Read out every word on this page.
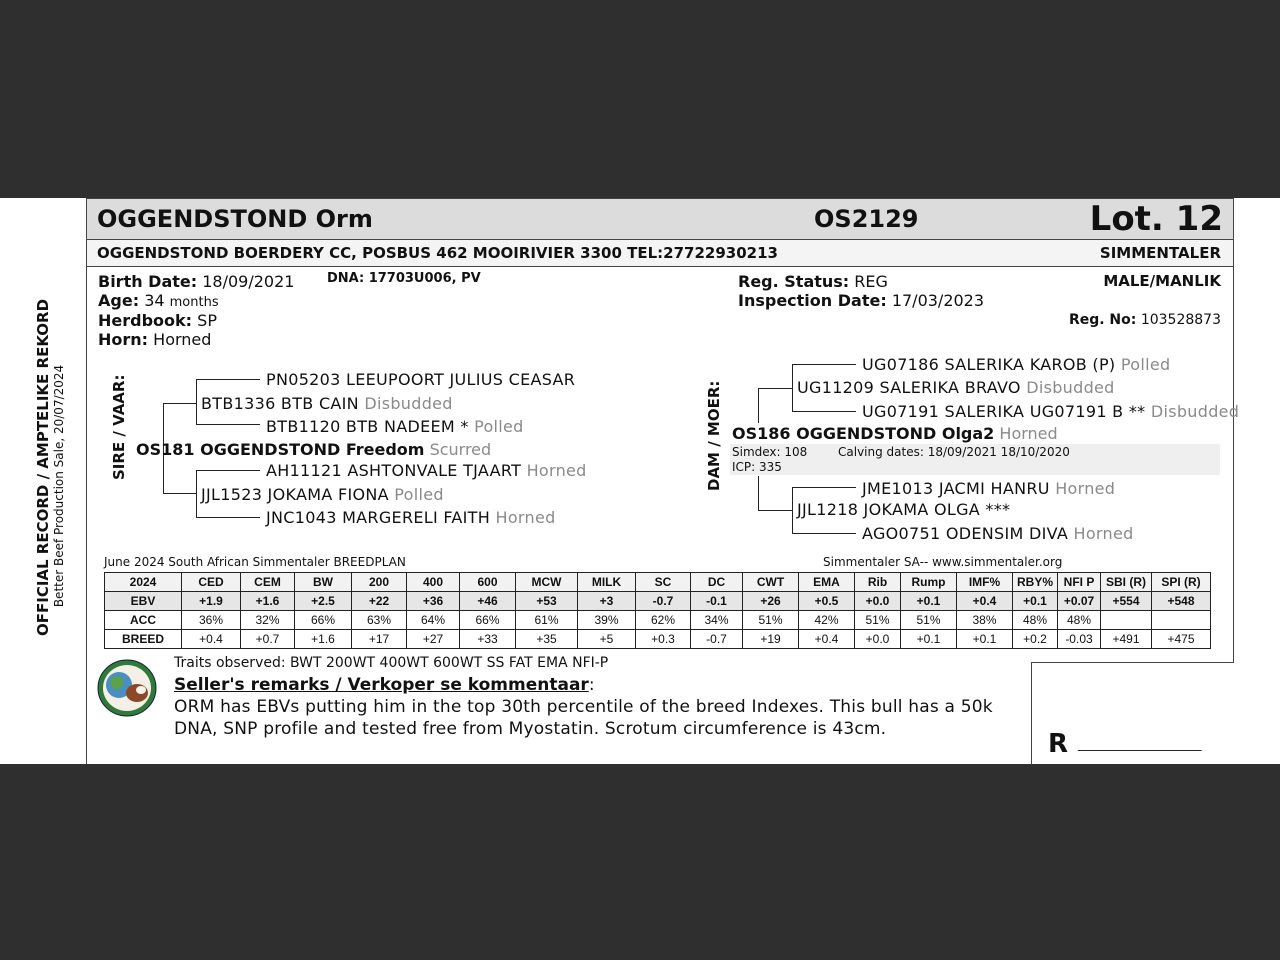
OGGENDSTOND Orm	OS2129	Lot. 12
OGGENDSTOND BOERDERY CC, POSBUS 462 MOOIRIVIER 3300 TEL:27722930213	SIMMENTALER
OFFICIAL RECORD / AMPTELIKE REKORD Better Beef Production Sale, 20/07/2024
Birth Date: 18/09/2021	DNA: 17703U006, PV
Age: 34 months
Herdbook: SP
Horn: Horned
Reg. Status: REG
Inspection Date: 17/03/2023
MALE/MANLIK
Reg. No: 103528873
SIRE / VAAR:	PN05203 LEEUPOORT JULIUS CEASAR
BTB1336 BTB CAIN Disbudded
BTB1120 BTB NADEEM * Polled
OS181 OGGENDSTOND Freedom Scurred
AH11121 ASHTONVALE TJAART Horned
JJL1523 JOKAMA FIONA Polled
JNC1043 MARGERELI FAITH Horned
DAM / MOER:
UG07186 SALERIKA KAROB (P) Polled
UG11209 SALERIKA BRAVO Disbudded
UG07191 SALERIKA UG07191 B ** Disbudded
OS186 OGGENDSTOND Olga2 Horned
Simdex: 108	Calving dates: 18/09/2021 18/10/2020
ICP: 335
JME1013 JACMI HANRU Horned
JJL1218 JOKAMA OLGA ***
AGO0751 ODENSIM DIVA Horned
June 2024 South African Simmentaler BREEDPLAN	Simmentaler SA-- www.simmentaler.org
2024	CED	CEM	BW	200	400	600	MCW	MILK	SC	DC	CWT	EMA	Rib	Rump	IMF%	RBY%	NFI P	SBI (R)	SPI (R)
EBV	+1.9	+1.6	+2.5	+22	+36	+46	+53	+3	-0.7	-0.1	+26	+0.5	+0.0	+0.1	+0.4	+0.1	+0.07	+554	+548
ACC	36%	32%	66%	63%	64%	66%	61%	39%	62%	34%	51%	42%	51%	51%	38%	48%	48%		
BREED	+0.4	+0.7	+1.6	+17	+27	+33	+35	+5	+0.3	-0.7	+19	+0.4	+0.0	+0.1	+0.1	+0.2	-0.03	+491	+475
Traits observed: BWT 200WT 400WT 600WT SS FAT EMA NFI-P
Seller's remarks / Verkoper se kommentaar:
ORM has EBVs putting him in the top 30th percentile of the breed Indexes. This bull has a 50k
DNA, SNP profile and tested free from Myostatin. Scrotum circumference is 43cm.	R ___________________
